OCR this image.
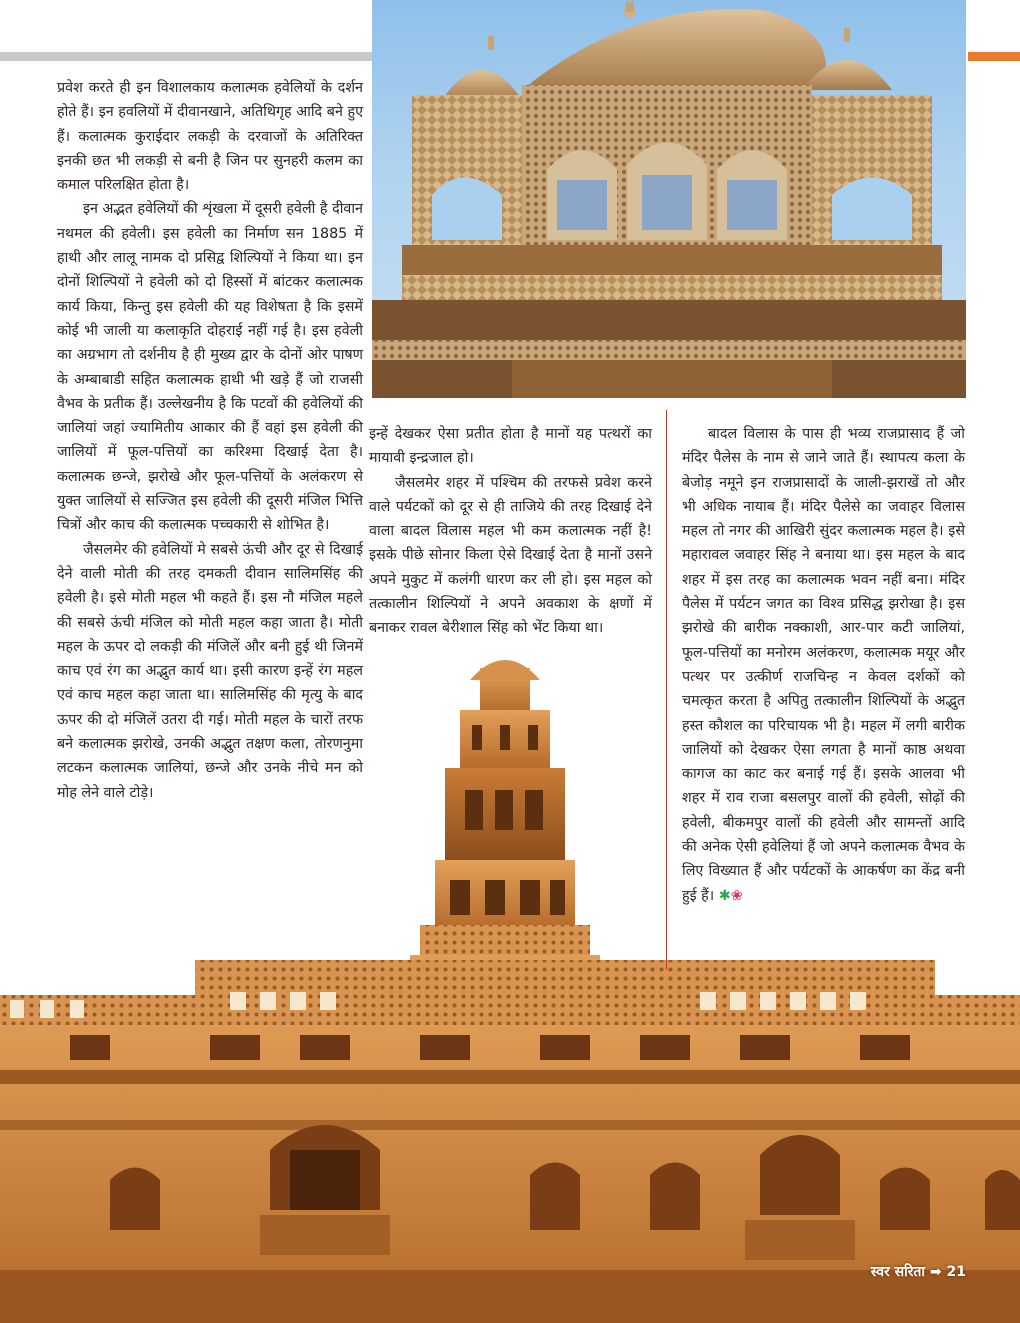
प्रवेश करते ही इन विशालकाय कलात्मक हवेलियों के दर्शन होते हैं। इन हवलियों में दीवानखाने, अतिथिगृह आदि बने हुए हैं। कलात्मक कुराईदार लकड़ी के दरवाजों के अतिरिक्त इनकी छत भी लकड़ी से बनी है जिन पर सुनहरी कलम का कमाल परिलक्षित होता है।

इन अद्भत हवेलियों की शृंखला में दूसरी हवेली है दीवान नथमल की हवेली। इस हवेली का निर्माण सन 1885 में हाथी और लालू नामक दो प्रसिद्व शिल्पियों ने किया था। इन दोनों शिल्पियों ने हवेली को दो हिस्सों में बांटकर कलात्मक कार्य किया, किन्तु इस हवेली की यह विशेषता है कि इसमें कोई भी जाली या कलाकृति दोहराई नहीं गई है। इस हवेली का अग्रभाग तो दर्शनीय है ही मुख्य द्वार के दोनों ओर पाषण के अम्बाबाडी सहित कलात्मक हाथी भी खड़े हैं जो राजसी वैभव के प्रतीक हैं। उल्लेखनीय है कि पटवों की हवेलियों की जालियां जहां ज्यामितीय आकार की हैं वहां इस हवेली की जालियों में फूल-पत्तियों का करिश्मा दिखाई देता है। कलात्मक छन्जे, झरोखे और फूल-पत्तियों के अलंकरण से युक्त जालियों से सज्जित इस हवेली की दूसरी मंजिल भित्ति चित्रों और काच की कलात्मक पच्चकारी से शोभित है।

जैसलमेर की हवेलियों मे सबसे ऊंची और दूर से दिखाई देने वाली मोती की तरह दमकती दीवान सालिमसिंह की हवेली है। इसे मोती महल भी कहते हैं। इस नौ मंजिल महले की सबसे ऊंची मंजिल को मोती महल कहा जाता है। मोती महल के ऊपर दो लकड़ी की मंजिलें और बनी हुई थी जिनमें काच एवं रंग का अद्भुत कार्य था। इसी कारण इन्हें रंग महल एवं काच महल कहा जाता था। सालिमसिंह की मृत्यु के बाद ऊपर की दो मंजिलें उतरा दी गई। मोती महल के चारों तरफ बने कलात्मक झरोखे, उनकी अद्भुत तक्षण कला, तोरणनुमा लटकन कलात्मक जालियां, छन्जे और उनके नीचे मन को मोह लेने वाले टोड़े।

इन्हें देखकर ऐसा प्रतीत होता है मानों यह पत्थरों का मायावी इन्द्रजाल हो।

जैसलमेर शहर में पश्चिम की तरफसे प्रवेश करने वाले पर्यटकों को दूर से ही ताजिये की तरह दिखाई देने वाला बादल विलास महल भी कम कलात्मक नहीं है! इसके पीछे सोनार किला ऐसे दिखाई देता है मानों उसने अपने मुकुट में कलंगी धारण कर ली हो। इस महल को तत्कालीन शिल्पियों ने अपने अवकाश के क्षणों में बनाकर रावल बेरीशाल सिंह को भेंट किया था।

बादल विलास के पास ही भव्य राजप्रासाद हैं जो मंदिर पैलेस के नाम से जाने जाते हैं। स्थापत्य कला के बेजोड़ नमूने इन राजप्रासादों के जाली-झराखें तो और भी अधिक नायाब हैं। मंदिर पैलेसे का जवाहर विलास महल तो नगर की आखिरी सुंदर कलात्मक महल है। इसे महारावल जवाहर सिंह ने बनाया था। इस महल के बाद शहर में इस तरह का कलात्मक भवन नहीं बना। मंदिर पैलेस में पर्यटन जगत का विश्व प्रसिद्ध झरोखा है। इस झरोखे की बारीक नक्काशी, आर-पार कटी जालियां, फूल-पत्तियों का मनोरम अलंकरण, कलात्मक मयूर और पत्थर पर उत्कीर्ण राजचिन्ह न केवल दर्शकों को चमत्कृत करता है अपितु तत्कालीन शिल्पियों के अद्भुत हस्त कौशल का परिचायक भी है। महल में लगी बारीक जालियों को देखकर ऐसा लगता है मानों काष्ठ अथवा कागज का काट कर बनाई गई हैं। इसके आलवा भी शहर में राव राजा बसलपुर वालों की हवेली, सोढ़ों की हवेली, बीकमपुर वालों की हवेली और सामन्तों आदि की अनेक ऐसी हवेलियां हैं जो अपने कलात्मक वैभव के लिए विख्यात हैं और पर्यटकों के आकर्षण का केंद्र बनी हुई हैं। ✱❀

स्वर सरिता ➡ 21
